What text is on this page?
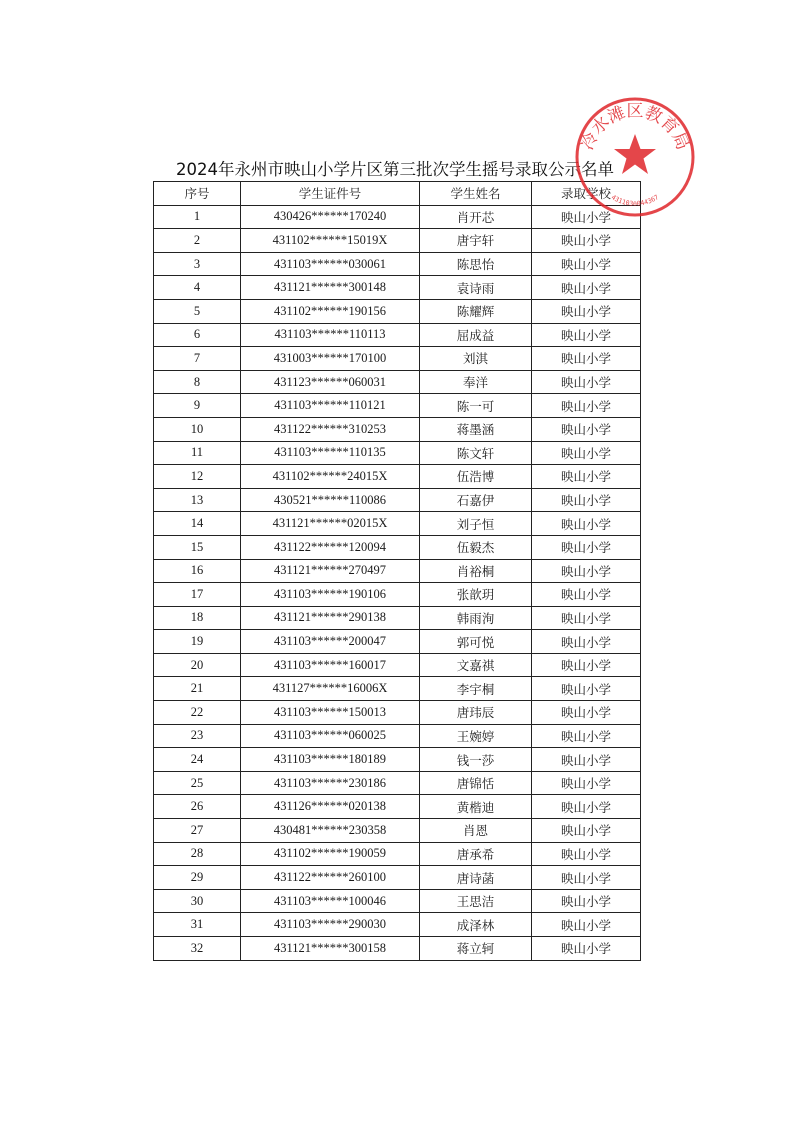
2024年永州市映山小学片区第三批次学生摇号录取公示名单
序号	学生证件号	学生姓名	录取学校
1	430426******170240	肖开芯	映山小学
2	431102******15019X	唐宇轩	映山小学
3	431103******030061	陈思怡	映山小学
4	431121******300148	袁诗雨	映山小学
5	431102******190156	陈耀辉	映山小学
6	431103******110113	屈成益	映山小学
7	431003******170100	刘淇	映山小学
8	431123******060031	奉洋	映山小学
9	431103******110121	陈一可	映山小学
10	431122******310253	蒋墨涵	映山小学
11	431103******110135	陈文轩	映山小学
12	431102******24015X	伍浩博	映山小学
13	430521******110086	石嘉伊	映山小学
14	431121******02015X	刘子恒	映山小学
15	431122******120094	伍毅杰	映山小学
16	431121******270497	肖裕桐	映山小学
17	431103******190106	张歆玥	映山小学
18	431121******290138	韩雨洵	映山小学
19	431103******200047	郭可悦	映山小学
20	431103******160017	文嘉祺	映山小学
21	431127******16006X	李宇桐	映山小学
22	431103******150013	唐玮辰	映山小学
23	431103******060025	王婉婷	映山小学
24	431103******180189	钱一莎	映山小学
25	431103******230186	唐锦恬	映山小学
26	431126******020138	黄楷迪	映山小学
27	430481******230358	肖恩	映山小学
28	431102******190059	唐承希	映山小学
29	431122******260100	唐诗菡	映山小学
30	431103******100046	王思洁	映山小学
31	431103******290030	成泽林	映山小学
32	431121******300158	蒋立轲	映山小学
冷水滩区教育局
4311030044367
